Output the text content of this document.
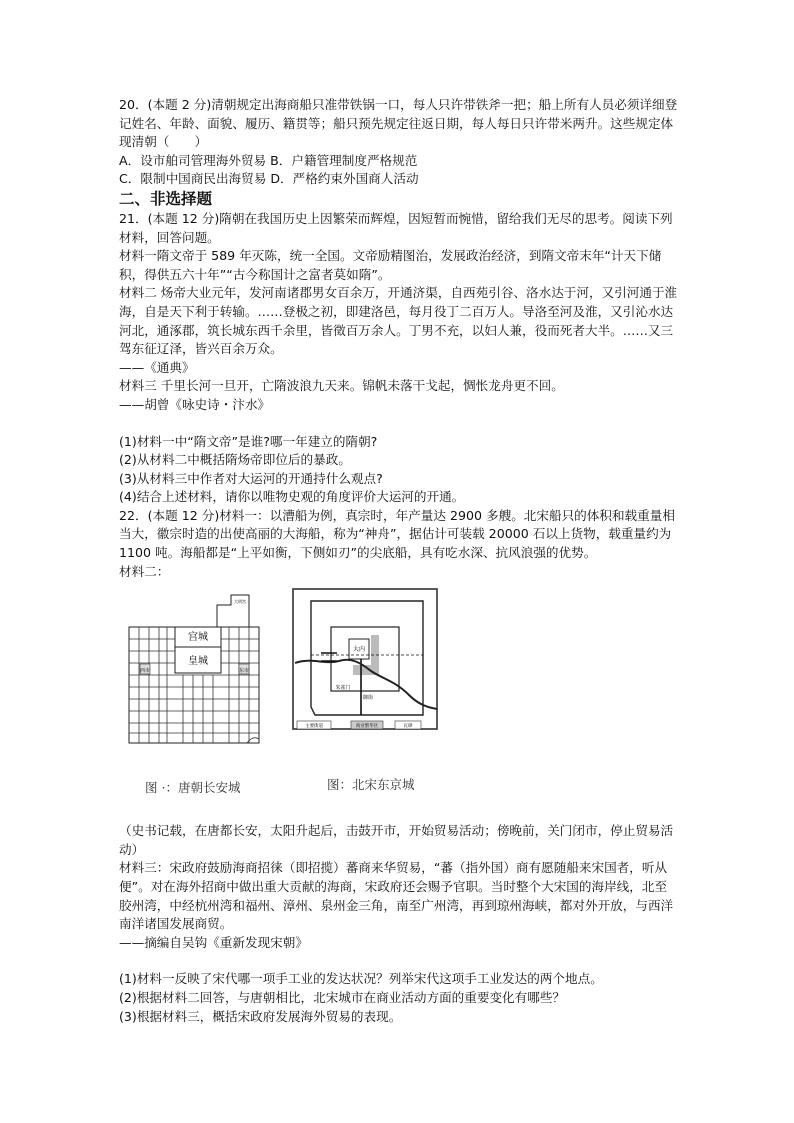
20．(本题 2 分)清朝规定出海商船只准带铁锅一口，每人只许带铁斧一把；船上所有人员必须详细登记姓名、年龄、面貌、履历、籍贯等；船只预先规定往返日期，每人每日只许带米两升。这些规定体现清朝（　　）

A．设市舶司管理海外贸易 B．户籍管理制度严格规范

C．限制中国商民出海贸易 D．严格约束外国商人活动

二、非选择题

21．(本题 12 分)隋朝在我国历史上因繁荣而辉煌，因短暂而惋惜，留给我们无尽的思考。阅读下列材料，回答问题。

材料一隋文帝于 589 年灭陈，统一全国。文帝励精图治，发展政治经济，到隋文帝末年“计天下储积，得供五六十年”“古今称国计之富者莫如隋”。

材料二 炀帝大业元年，发河南诸郡男女百余万，开通济渠，自西苑引谷、洛水达于河，又引河通于淮海，自是天下利于转输。……登极之初，即建洛邑，每月役丁二百万人。导洛至河及淮，又引沁水达河北，通涿郡，筑长城东西千余里，皆徵百万余人。丁男不充，以妇人兼，役而死者大半。……又三驾东征辽泽，皆兴百余万众。

——《通典》

材料三 千里长河一旦开，亡隋波浪九天来。锦帆未落干戈起，惆怅龙舟更不回。

——胡曾《咏史诗・汴水》

(1)材料一中“隋文帝”是谁?哪一年建立的隋朝?

(2)从材料二中概括隋炀帝即位后的暴政。

(3)从材料三中作者对大运河的开通持什么观点?

(4)结合上述材料，请你以唯物史观的角度评价大运河的开通。

22．(本题 12 分)材料一：以漕船为例，真宗时，年产量达 2900 多艘。北宋船只的体积和载重量相当大，徽宗时造的出使高丽的大海船，称为“神舟”，据估计可装载 20000 石以上货物，载重量约为 1100 吨。海船都是“上平如衡，下侧如刃”的尖底船，具有吃水深、抗风浪强的优势。

材料二：

宫城
皇城
西市	东市
大明宫
大内
朱雀门
御街
主要街道	商业繁华区	瓦肆
图 ·：唐朝长安城	图：北宋东京城

（史书记载，在唐都长安，太阳升起后，击鼓开市，开始贸易活动；傍晚前，关门闭市，停止贸易活动）

材料三：宋政府鼓励海商招徕（即招揽）蕃商来华贸易，“蕃（指外国）商有愿随船来宋国者，听从便”。对在海外招商中做出重大贡献的海商，宋政府还会赐予官职。当时整个大宋国的海岸线，北至胶州湾，中经杭州湾和福州、漳州、泉州金三角，南至广州湾，再到琼州海峡，都对外开放，与西洋南洋诸国发展商贸。

——摘编自吴钩《重新发现宋朝》

(1)材料一反映了宋代哪一项手工业的发达状况？列举宋代这项手工业发达的两个地点。

(2)根据材料二回答，与唐朝相比，北宋城市在商业活动方面的重要变化有哪些？

(3)根据材料三，概括宋政府发展海外贸易的表现。
